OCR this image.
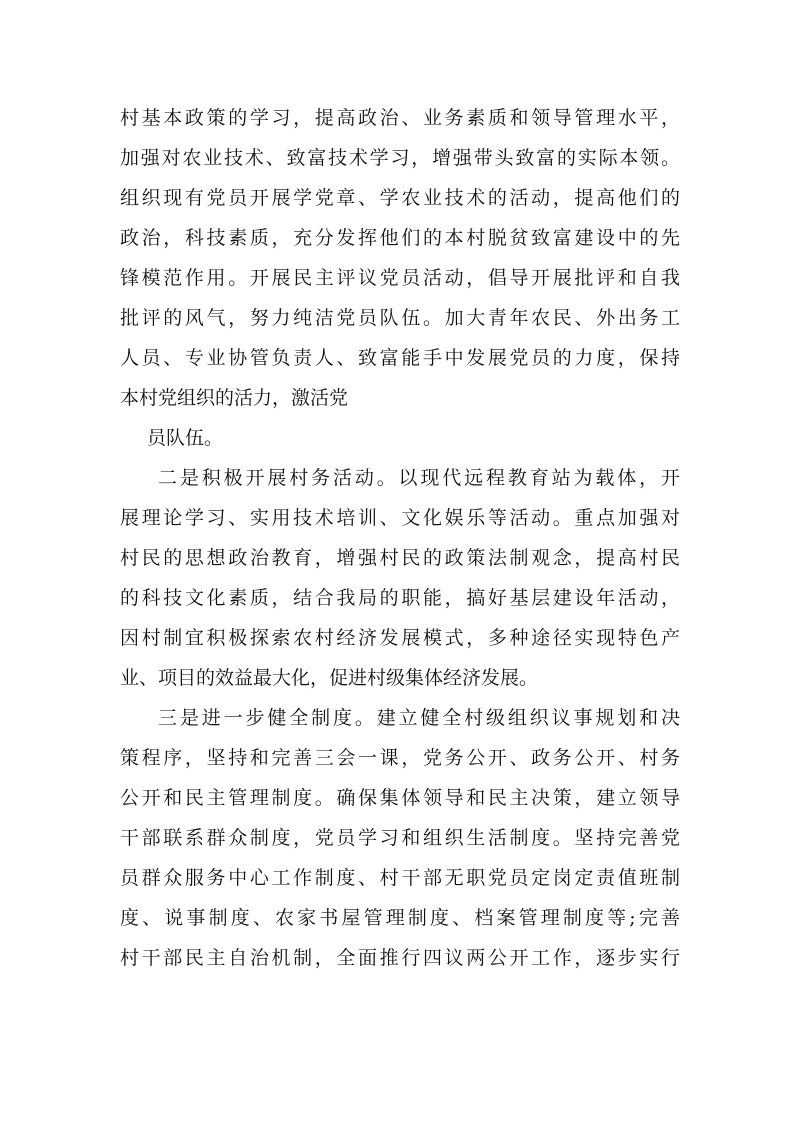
村基本政策的学习，提高政治、业务素质和领导管理水平，
加强对农业技术、致富技术学习，增强带头致富的实际本领。
组织现有党员开展学党章、学农业技术的活动，提高他们的
政治，科技素质，充分发挥他们的本村脱贫致富建设中的先
锋模范作用。开展民主评议党员活动，倡导开展批评和自我
批评的风气，努力纯洁党员队伍。加大青年农民、外出务工
人员、专业协管负责人、致富能手中发展党员的力度，保持
本村党组织的活力，激活党
员队伍。
二是积极开展村务活动。以现代远程教育站为载体，开
展理论学习、实用技术培训、文化娱乐等活动。重点加强对
村民的思想政治教育，增强村民的政策法制观念，提高村民
的科技文化素质，结合我局的职能，搞好基层建设年活动，
因村制宜积极探索农村经济发展模式，多种途径实现特色产
业、项目的效益最大化，促进村级集体经济发展。
三是进一步健全制度。建立健全村级组织议事规划和决
策程序，坚持和完善三会一课，党务公开、政务公开、村务
公开和民主管理制度。确保集体领导和民主决策，建立领导
干部联系群众制度，党员学习和组织生活制度。坚持完善党
员群众服务中心工作制度、村干部无职党员定岗定责值班制
度、说事制度、农家书屋管理制度、档案管理制度等;完善
村干部民主自治机制，全面推行四议两公开工作，逐步实行
